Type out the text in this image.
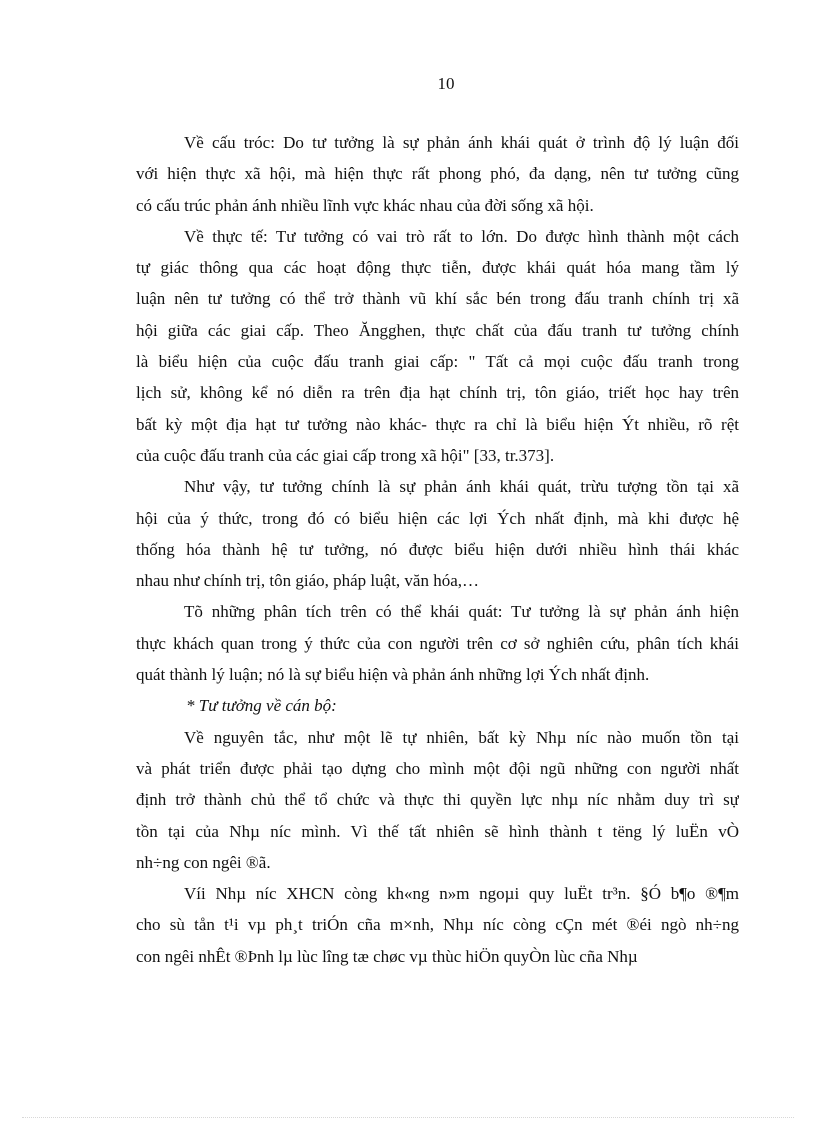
10

Về cấu tróc: Do tư tưởng là sự phản ánh khái quát ở trình độ lý luận đối
với hiện thực xã hội, mà hiện thực rất phong phó, đa dạng, nên tư tưởng cũng
có cấu trúc phản ánh nhiều lĩnh vực khác nhau của đời sống xã hội.

Về thực tế: Tư tưởng có vai trò rất to lớn. Do được hình thành một cách
tự giác thông qua các hoạt động thực tiễn, được khái quát hóa mang tầm lý
luận nên tư tưởng có thể trở thành vũ khí sắc bén trong đấu tranh chính trị xã
hội giữa các giai cấp. Theo Ăngghen, thực chất của đấu tranh tư tưởng chính
là biểu hiện của cuộc đấu tranh giai cấp: " Tất cả mọi cuộc đấu tranh trong
lịch sử, không kể nó diễn ra trên địa hạt chính trị, tôn giáo, triết học hay trên
bất kỳ một địa hạt tư tưởng nào khác- thực ra chỉ là biểu hiện Ýt nhiều, rõ rệt
của cuộc đấu tranh của các giai cấp trong xã hội" [33, tr.373].

Như vậy, tư tưởng chính là sự phản ánh khái quát, trừu tượng tồn tại xã
hội của ý thức, trong đó có biểu hiện các lợi Ých nhất định, mà khi được hệ
thống hóa thành hệ tư tưởng, nó được biểu hiện dưới nhiều hình thái khác
nhau như chính trị, tôn giáo, pháp luật, văn hóa,…

Tõ những phân tích trên có thể khái quát: Tư tưởng là sự phản ánh hiện
thực khách quan trong ý thức của con người trên cơ sở nghiên cứu, phân tích khái
quát thành lý luận; nó là sự biểu hiện và phản ánh những lợi Ých nhất định.

* Tư tưởng về cán bộ:

Về nguyên tắc, như một lẽ tự nhiên, bất kỳ Nhµ níc nào muốn tồn tại
và phát triển được phải tạo dựng cho mình một đội ngũ những con người nhất
định trở thành chủ thể tổ chức và thực thi quyền lực nhµ níc nhằm duy trì sự
tồn tại của Nhµ níc mình. Vì thế tất nhiên sẽ hình thành t tëng lý luËn vÒ
nh÷ng con ngêi ®ã.

Víi Nhµ níc XHCN còng kh«ng n»m ngoµi quy luËt tr³n. §Ó b¶o ®¶m
cho sù tån t¹i vµ ph¸t triÓn cña m×nh, Nhµ níc còng cÇn mét ®éi ngò nh÷ng
con ngêi nhÊt ®Þnh lµ lùc lîng tæ chøc vµ thùc hiÖn quyÒn lùc cña Nhµ
